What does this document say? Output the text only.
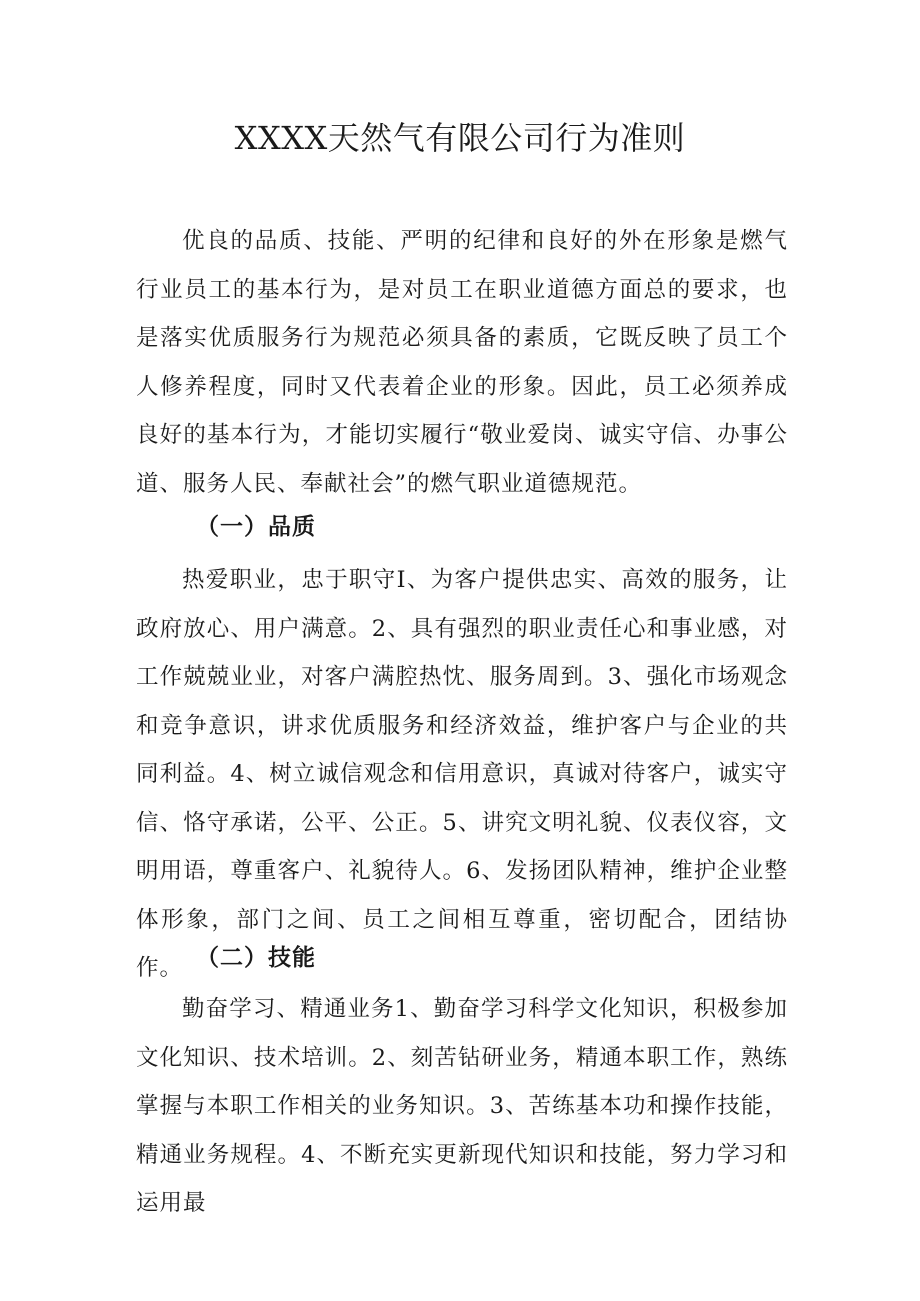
XXXX天然气有限公司行为准则

优良的品质、技能、严明的纪律和良好的外在形象是燃气行业员工的基本行为，是对员工在职业道德方面总的要求，也是落实优质服务行为规范必须具备的素质，它既反映了员工个人修养程度，同时又代表着企业的形象。因此，员工必须养成良好的基本行为，才能切实履行“敬业爱岗、诚实守信、办事公道、服务人民、奉献社会”的燃气职业道德规范。

（一）品质

热爱职业，忠于职守I、为客户提供忠实、高效的服务，让政府放心、用户满意。2、具有强烈的职业责任心和事业感，对工作兢兢业业，对客户满腔热忱、服务周到。3、强化市场观念和竞争意识，讲求优质服务和经济效益，维护客户与企业的共同利益。4、树立诚信观念和信用意识，真诚对待客户，诚实守信、恪守承诺，公平、公正。5、讲究文明礼貌、仪表仪容，文明用语，尊重客户、礼貌待人。6、发扬团队精神，维护企业整体形象，部门之间、员工之间相互尊重，密切配合，团结协作。 （二）技能

勤奋学习、精通业务1、勤奋学习科学文化知识，积极参加文化知识、技术培训。2、刻苦钻研业务，精通本职工作，熟练掌握与本职工作相关的业务知识。3、苦练基本功和操作技能，精通业务规程。4、不断充实更新现代知识和技能，努力学习和运用最
